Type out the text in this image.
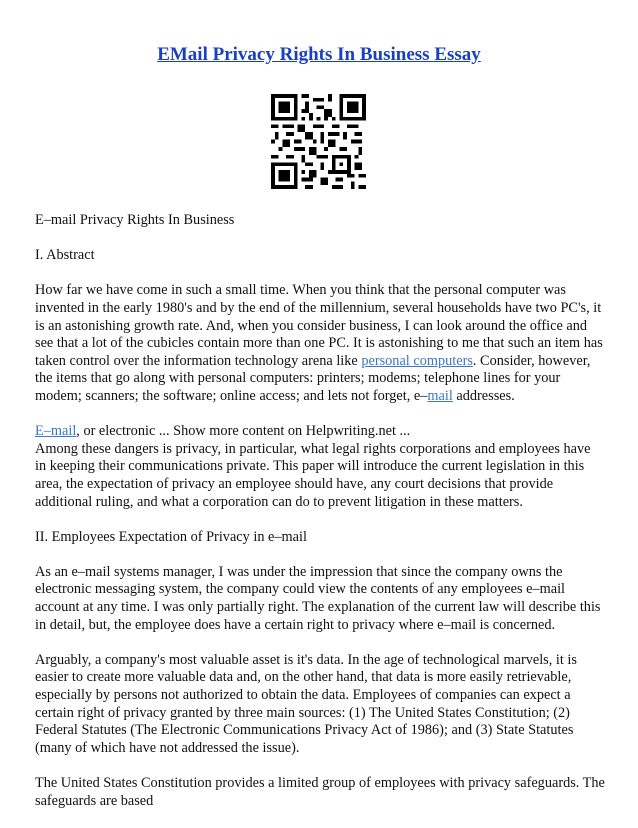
EMail Privacy Rights In Business Essay

E–mail Privacy Rights In Business

I. Abstract

How far we have come in such a small time. When you think that the personal computer was invented in the early 1980's and by the end of the millennium, several households have two PC's, it is an astonishing growth rate. And, when you consider business, I can look around the office and see that a lot of the cubicles contain more than one PC. It is astonishing to me that such an item has taken control over the information technology arena like personal computers. Consider, however, the items that go along with personal computers: printers; modems; telephone lines for your modem; scanners; the software; online access; and lets not forget, e–mail addresses.

E–mail, or electronic ... Show more content on Helpwriting.net ...

Among these dangers is privacy, in particular, what legal rights corporations and employees have in keeping their communications private. This paper will introduce the current legislation in this area, the expectation of privacy an employee should have, any court decisions that provide additional ruling, and what a corporation can do to prevent litigation in these matters.

II. Employees Expectation of Privacy in e–mail

As an e–mail systems manager, I was under the impression that since the company owns the electronic messaging system, the company could view the contents of any employees e–mail account at any time. I was only partially right. The explanation of the current law will describe this in detail, but, the employee does have a certain right to privacy where e–mail is concerned.

Arguably, a company's most valuable asset is it's data. In the age of technological marvels, it is easier to create more valuable data and, on the other hand, that data is more easily retrievable, especially by persons not authorized to obtain the data. Employees of companies can expect a certain right of privacy granted by three main sources: (1) The United States Constitution; (2) Federal Statutes (The Electronic Communications Privacy Act of 1986); and (3) State Statutes (many of which have not addressed the issue).

The United States Constitution provides a limited group of employees with privacy safeguards. The safeguards are based
